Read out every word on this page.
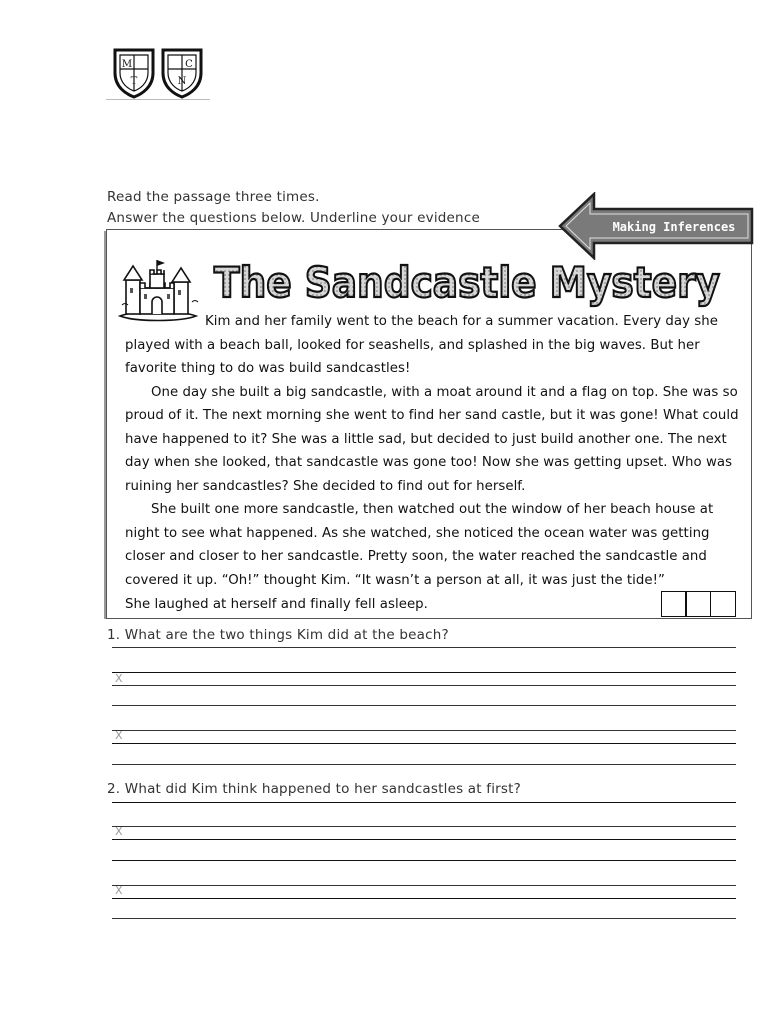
M
T
C
N
Read the passage three times.
Answer the questions below. Underline your evidence
Making Inferences
The Sandcastle Mystery

Kim and her family went to the beach for a summer vacation. Every day she played with a beach ball, looked for seashells, and splashed in the big waves. But her favorite thing to do was build sandcastles!

One day she built a big sandcastle, with a moat around it and a flag on top. She was so proud of it. The next morning she went to find her sand castle, but it was gone! What could have happened to it? She was a little sad, but decided to just build another one. The next day when she looked, that sandcastle was gone too! Now she was getting upset. Who was ruining her sandcastles? She decided to find out for herself.

She built one more sandcastle, then watched out the window of her beach house at night to see what happened. As she watched, she noticed the ocean water was getting closer and closer to her sandcastle. Pretty soon, the water reached the sandcastle and covered it up. “Oh!” thought Kim. “It wasn’t a person at all, it was just the tide!”

She laughed at herself and finally fell asleep.

1. What are the two things Kim did at the beach?
X
X
2. What did Kim think happened to her sandcastles at first?
X
X
